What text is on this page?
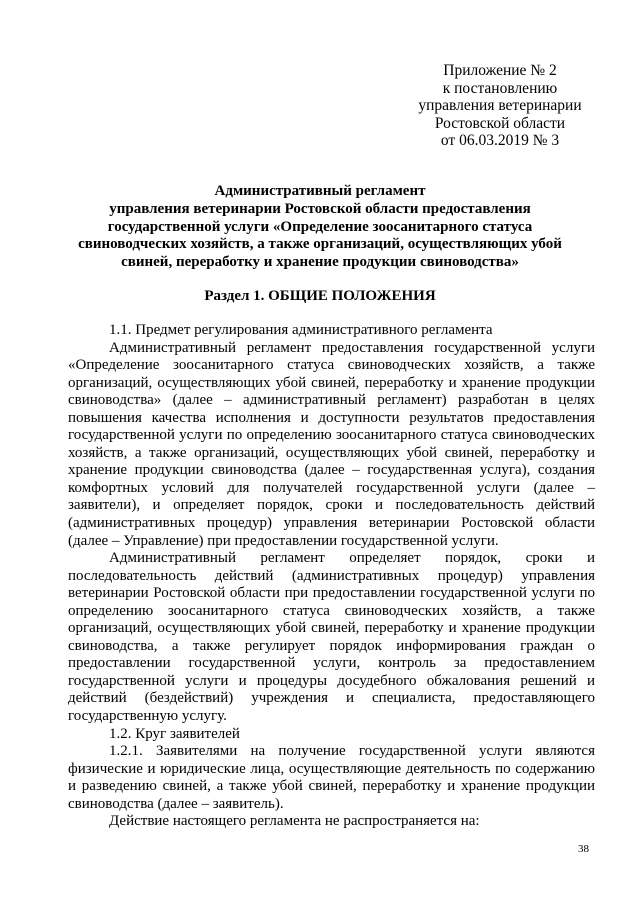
Приложение № 2
к постановлению
управления ветеринарии
Ростовской области
от 06.03.2019 № 3
Административный регламент
управления ветеринарии Ростовской области предоставления
государственной услуги «Определение зоосанитарного статуса
свиноводческих хозяйств, а также организаций, осуществляющих убой
свиней, переработку и хранение продукции свиноводства»
Раздел 1. ОБЩИЕ ПОЛОЖЕНИЯ

1.1. Предмет регулирования административного регламента

Административный регламент предоставления государственной услуги «Определение зоосанитарного статуса свиноводческих хозяйств, а также организаций, осуществляющих убой свиней, переработку и хранение продукции свиноводства» (далее – административный регламент) разработан в целях повышения качества исполнения и доступности результатов предоставления государственной услуги по определению зоосанитарного статуса свиноводческих хозяйств, а также организаций, осуществляющих убой свиней, переработку и хранение продукции свиноводства (далее – государственная услуга), создания комфортных условий для получателей государственной услуги (далее – заявители), и определяет порядок, сроки и последовательность действий (административных процедур) управления ветеринарии Ростовской области (далее – Управление) при предоставлении государственной услуги.

Административный регламент определяет порядок, сроки и последовательность действий (административных процедур) управления ветеринарии Ростовской области при предоставлении государственной услуги по определению зоосанитарного статуса свиноводческих хозяйств, а также организаций, осуществляющих убой свиней, переработку и хранение продукции свиноводства, а также регулирует порядок информирования граждан о предоставлении государственной услуги, контроль за предоставлением государственной услуги и процедуры досудебного обжалования решений и действий (бездействий) учреждения и специалиста, предоставляющего государственную услугу.

1.2. Круг заявителей

1.2.1. Заявителями на получение государственной услуги являются физические и юридические лица, осуществляющие деятельность по содержанию и разведению свиней, а также убой свиней, переработку и хранение продукции свиноводства (далее – заявитель).

Действие настоящего регламента не распространяется на:

38
